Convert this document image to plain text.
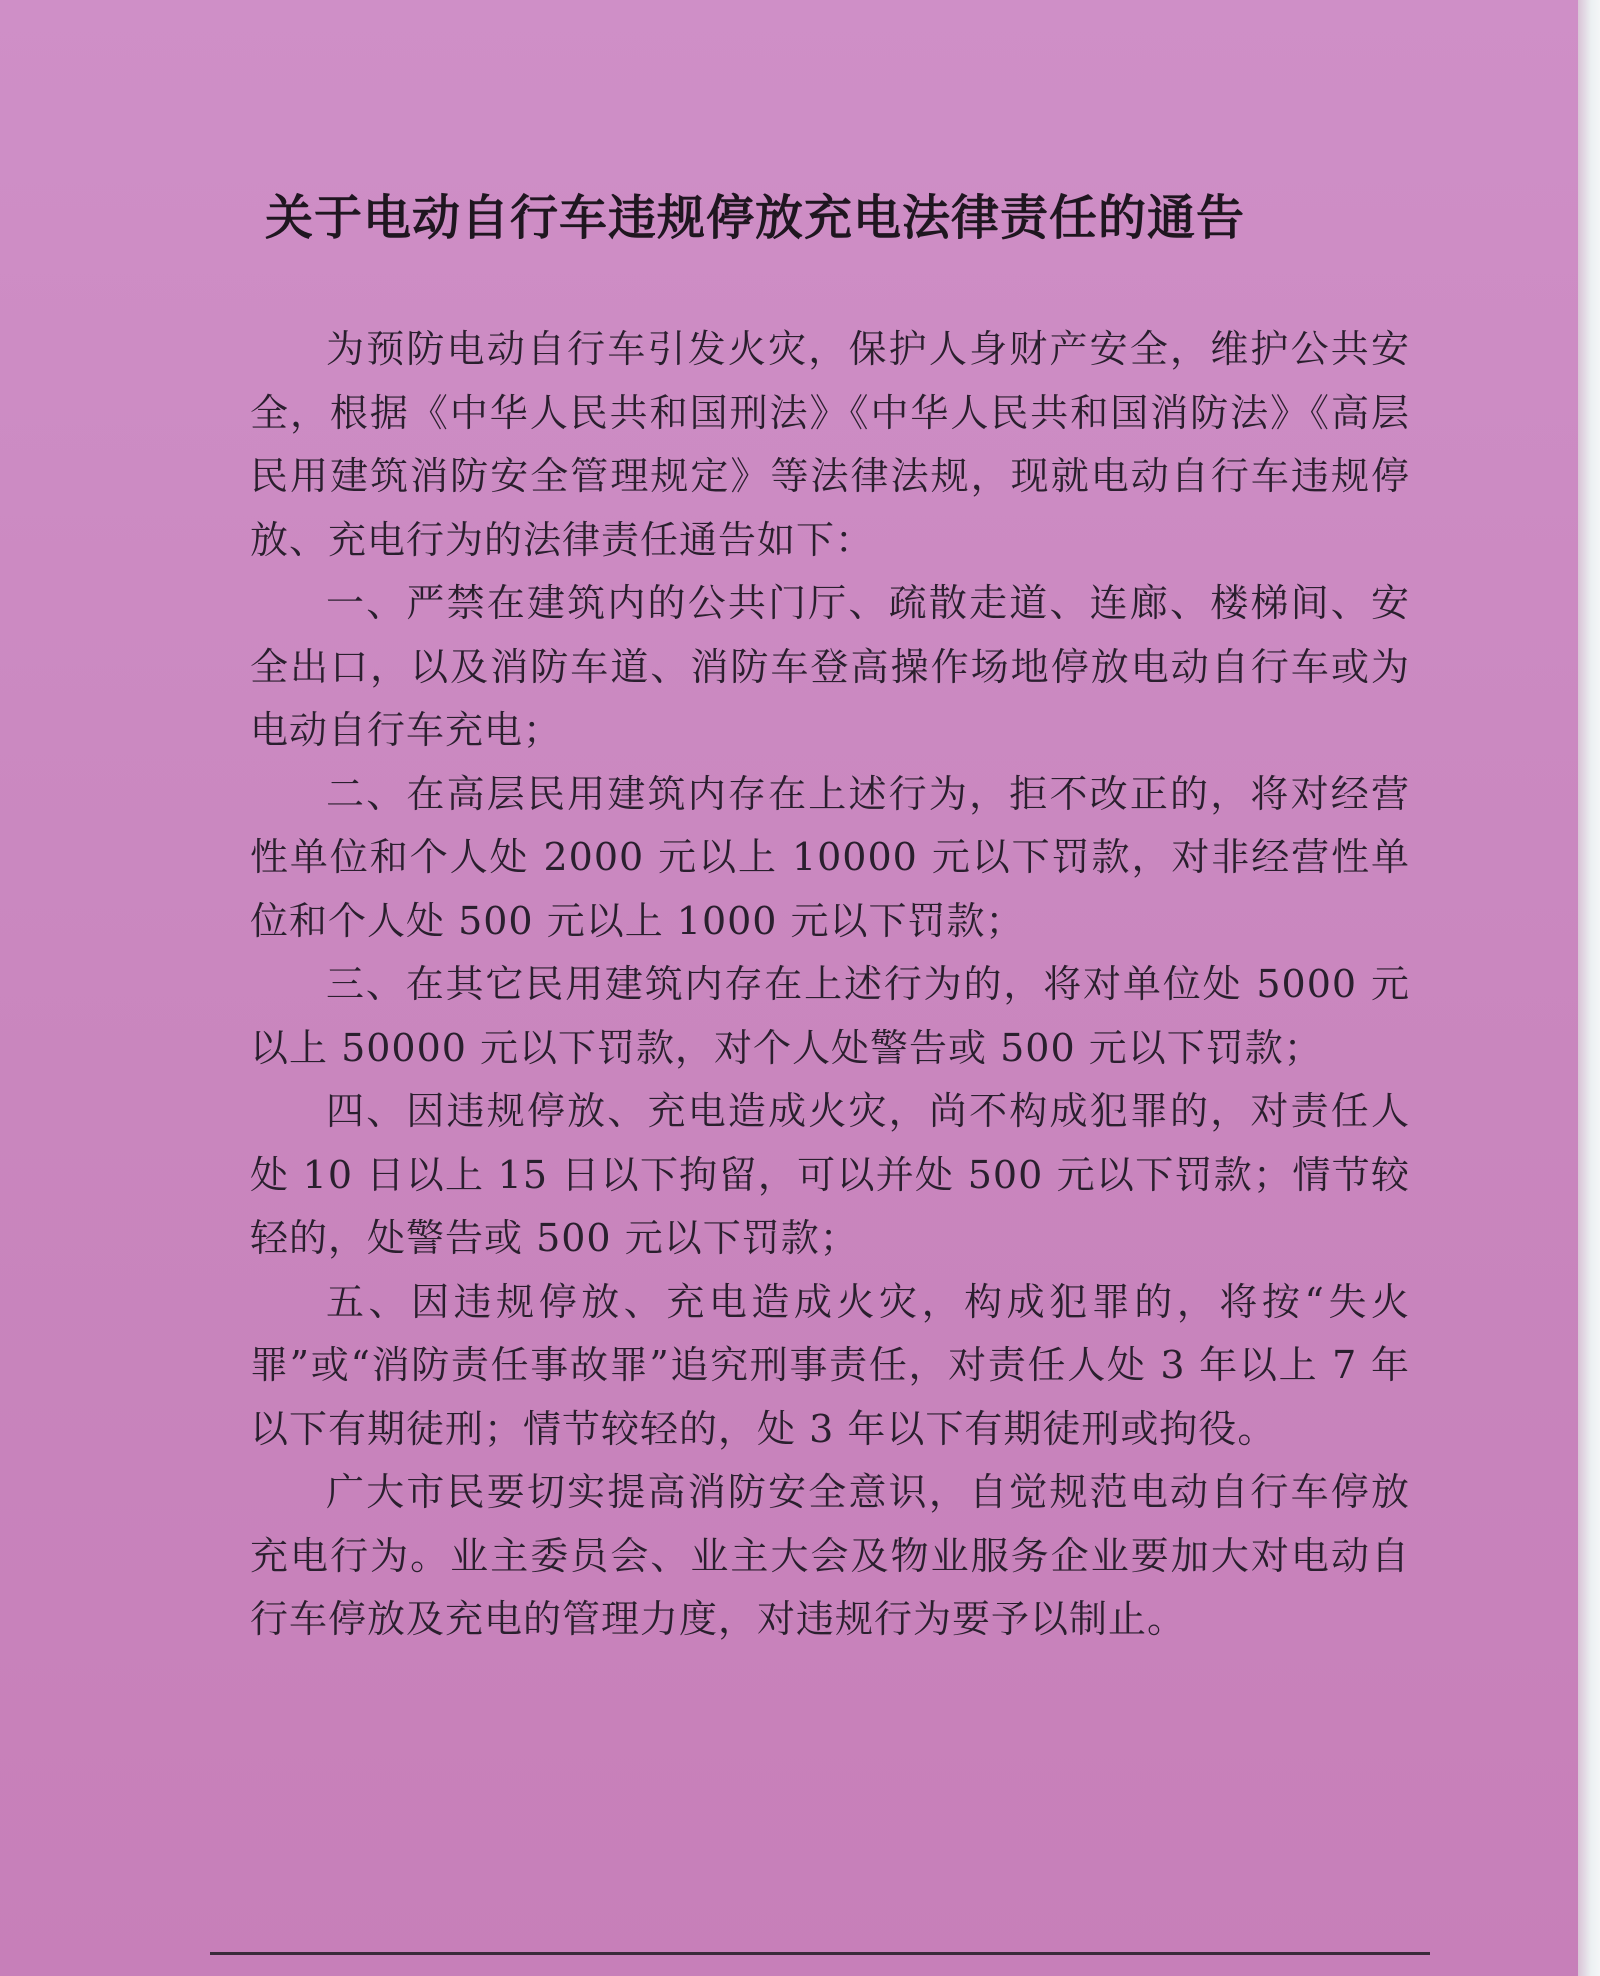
关于电动自行车违规停放充电法律责任的通告

为预防电动自行车引发火灾，保护人身财产安全，维护公共安全，根据《中华人民共和国刑法》《中华人民共和国消防法》《高层民用建筑消防安全管理规定》等法律法规，现就电动自行车违规停放、充电行为的法律责任通告如下：

一、严禁在建筑内的公共门厅、疏散走道、连廊、楼梯间、安全出口，以及消防车道、消防车登高操作场地停放电动自行车或为电动自行车充电；

二、在高层民用建筑内存在上述行为，拒不改正的，将对经营性单位和个人处 2000 元以上 10000 元以下罚款，对非经营性单位和个人处 500 元以上 1000 元以下罚款；

三、在其它民用建筑内存在上述行为的，将对单位处 5000 元以上 50000 元以下罚款，对个人处警告或 500 元以下罚款；

四、因违规停放、充电造成火灾，尚不构成犯罪的，对责任人处 10 日以上 15 日以下拘留，可以并处 500 元以下罚款；情节较轻的，处警告或 500 元以下罚款；

五、因违规停放、充电造成火灾，构成犯罪的，将按“失火罪”或“消防责任事故罪”追究刑事责任，对责任人处 3 年以上 7 年以下有期徒刑；情节较轻的，处 3 年以下有期徒刑或拘役。

广大市民要切实提高消防安全意识，自觉规范电动自行车停放充电行为。业主委员会、业主大会及物业服务企业要加大对电动自行车停放及充电的管理力度，对违规行为要予以制止。
